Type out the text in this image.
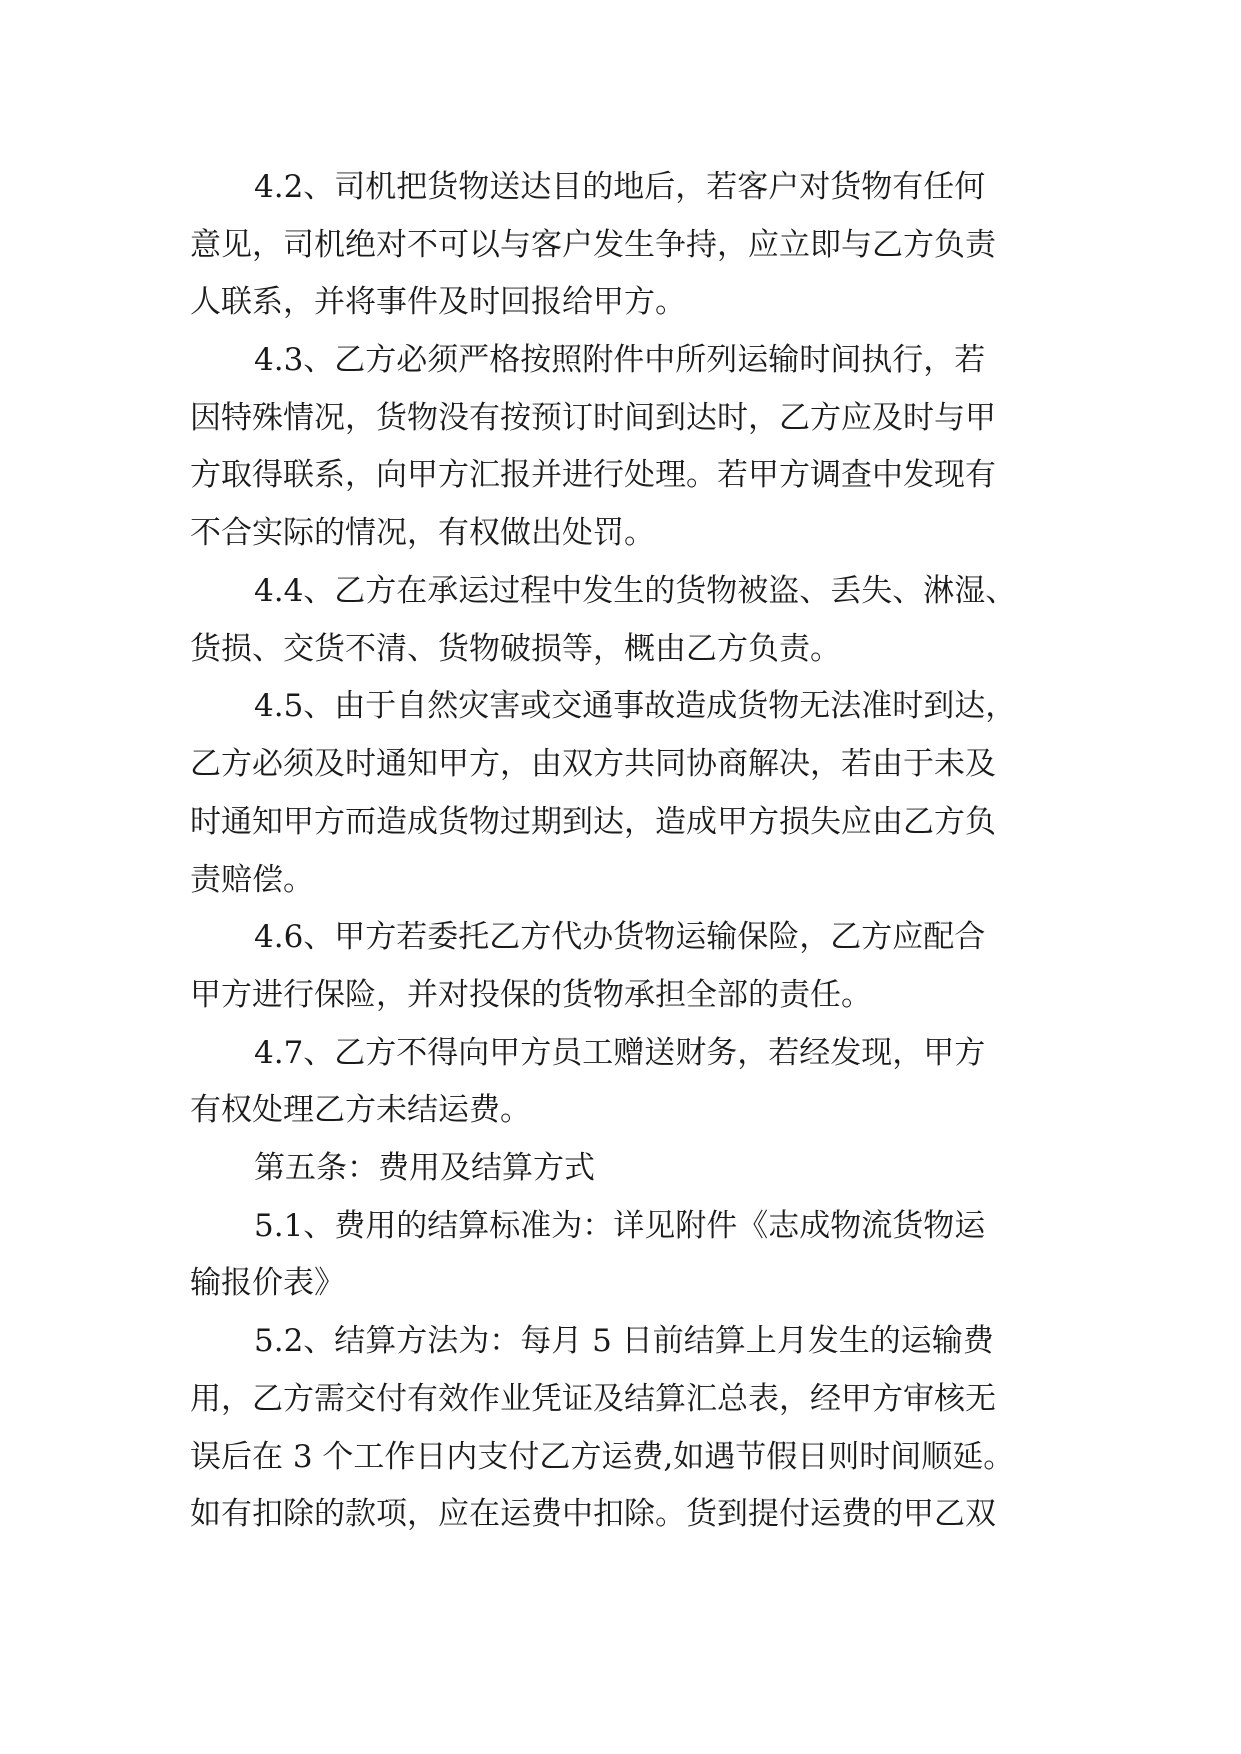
4.2、司机把货物送达目的地后，若客户对货物有任何
意见，司机绝对不可以与客户发生争持，应立即与乙方负责
人联系，并将事件及时回报给甲方。
4.3、乙方必须严格按照附件中所列运输时间执行，若
因特殊情况，货物没有按预订时间到达时，乙方应及时与甲
方取得联系，向甲方汇报并进行处理。若甲方调查中发现有
不合实际的情况，有权做出处罚。
4.4、乙方在承运过程中发生的货物被盗、丢失、淋湿、
货损、交货不清、货物破损等，概由乙方负责。
4.5、由于自然灾害或交通事故造成货物无法准时到达，
乙方必须及时通知甲方，由双方共同协商解决，若由于未及
时通知甲方而造成货物过期到达，造成甲方损失应由乙方负
责赔偿。
4.6、甲方若委托乙方代办货物运输保险，乙方应配合
甲方进行保险，并对投保的货物承担全部的责任。
4.7、乙方不得向甲方员工赠送财务，若经发现，甲方
有权处理乙方未结运费。
第五条：费用及结算方式
5.1、费用的结算标准为：详见附件《志成物流货物运
输报价表》
5.2、结算方法为：每月 5 日前结算上月发生的运输费
用，乙方需交付有效作业凭证及结算汇总表，经甲方审核无
误后在 3 个工作日内支付乙方运费,如遇节假日则时间顺延。
如有扣除的款项，应在运费中扣除。货到提付运费的甲乙双
